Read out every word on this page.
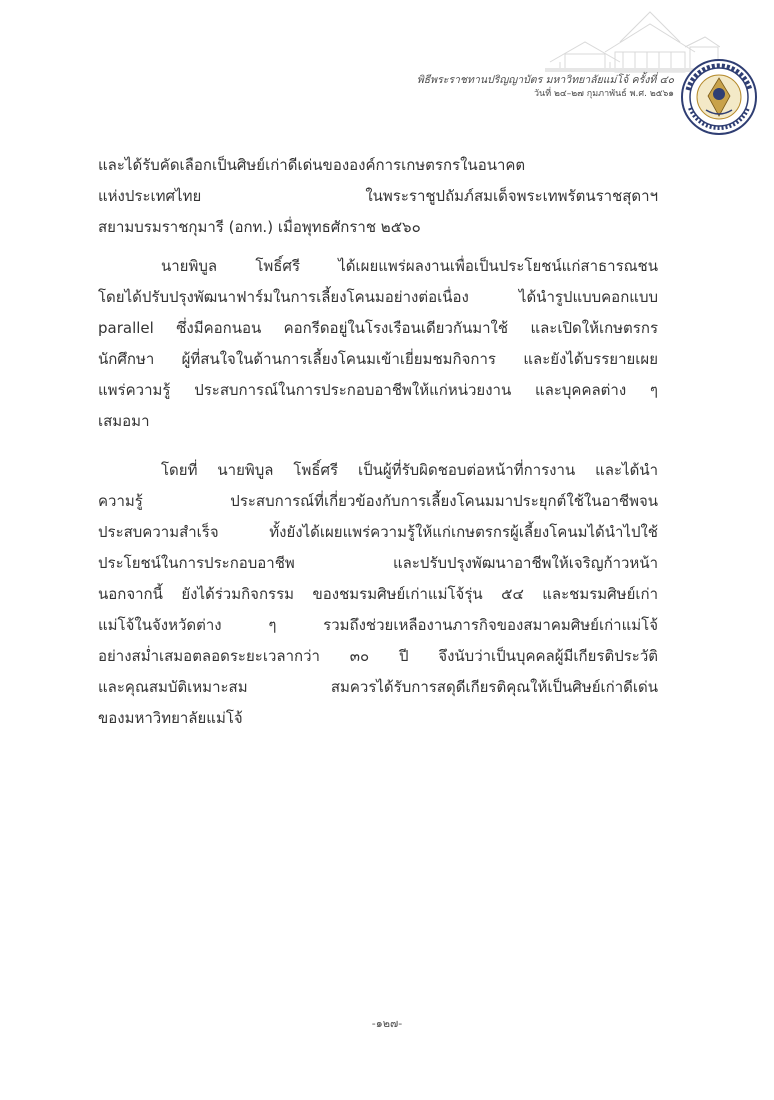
พิธีพระราชทานปริญญาบัตร มหาวิทยาลัยแม่โจ้ ครั้งที่ ๔๐
วันที่ ๒๔–๒๗ กุมภาพันธ์ พ.ศ. ๒๕๖๑
และได้รับคัดเลือกเป็นศิษย์เก่าดีเด่นขององค์การเกษตรกรในอนาคต
แห่งประเทศไทย ในพระราชูปถัมภ์สมเด็จพระเทพรัตนราชสุดาฯ
สยามบรมราชกุมารี (อกท.) เมื่อพุทธศักราช ๒๕๖๐
นายพิบูล โพธิ์ศรี ได้เผยแพร่ผลงานเพื่อเป็นประโยชน์แก่สาธารณชน
โดยได้ปรับปรุงพัฒนาฟาร์มในการเลี้ยงโคนมอย่างต่อเนื่อง ได้นำรูปแบบคอกแบบ
parallel ซึ่งมีคอกนอน คอกรีดอยู่ในโรงเรือนเดียวกันมาใช้ และเปิดให้เกษตรกร
นักศึกษา ผู้ที่สนใจในด้านการเลี้ยงโคนมเข้าเยี่ยมชมกิจการ และยังได้บรรยายเผย
แพร่ความรู้ ประสบการณ์ในการประกอบอาชีพให้แก่หน่วยงาน และบุคคลต่าง ๆ
เสมอมา
โดยที่ นายพิบูล โพธิ์ศรี เป็นผู้ที่รับผิดชอบต่อหน้าที่การงาน และได้นำ
ความรู้ ประสบการณ์ที่เกี่ยวข้องกับการเลี้ยงโคนมมาประยุกต์ใช้ในอาชีพจน
ประสบความสำเร็จ ทั้งยังได้เผยแพร่ความรู้ให้แก่เกษตรกรผู้เลี้ยงโคนมได้นำไปใช้
ประโยชน์ในการประกอบอาชีพ และปรับปรุงพัฒนาอาชีพให้เจริญก้าวหน้า
นอกจากนี้ ยังได้ร่วมกิจกรรม ของชมรมศิษย์เก่าแม่โจ้รุ่น ๕๔ และชมรมศิษย์เก่า
แม่โจ้ในจังหวัดต่าง ๆ รวมถึงช่วยเหลืองานภารกิจของสมาคมศิษย์เก่าแม่โจ้
อย่างสม่ำเสมอตลอดระยะเวลากว่า ๓๐ ปี จึงนับว่าเป็นบุคคลผู้มีเกียรติประวัติ
และคุณสมบัติเหมาะสม สมควรได้รับการสดุดีเกียรติคุณให้เป็นศิษย์เก่าดีเด่น
ของมหาวิทยาลัยแม่โจ้
-๑๒๗-
